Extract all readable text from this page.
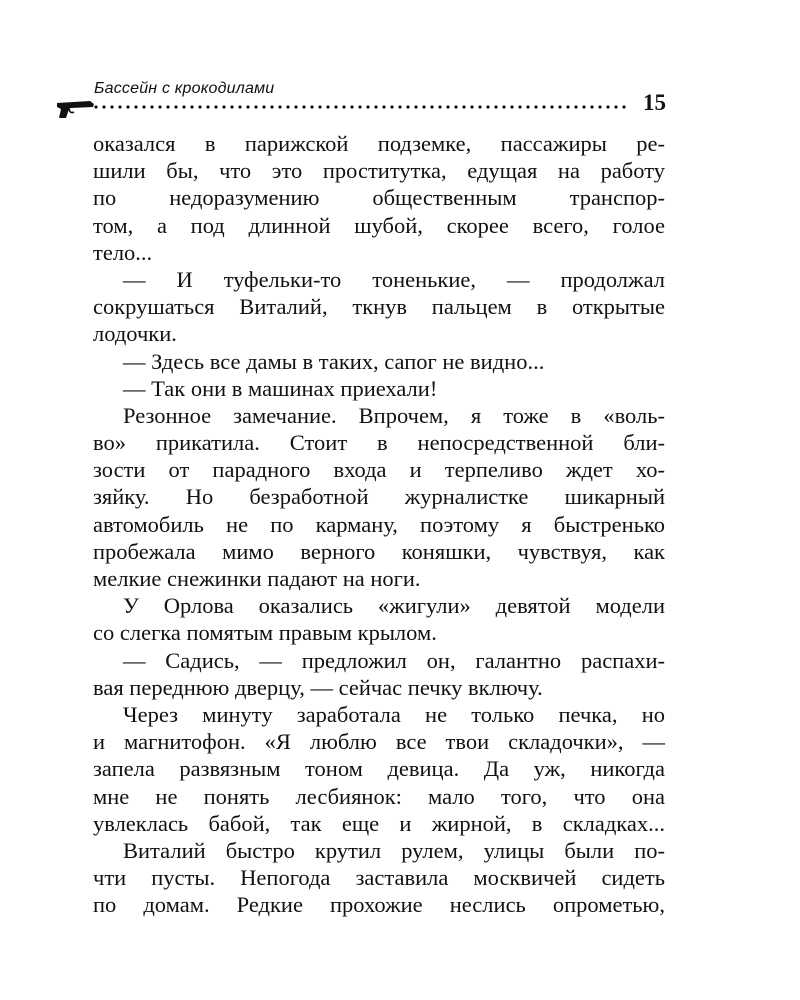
Бассейн с крокодилами
15
оказался в парижской подземке, пассажиры ре-
шили бы, что это проститутка, едущая на работу
по недоразумению общественным транспор-
том, а под длинной шубой, скорее всего, голое
тело...
— И туфельки-то тоненькие, — продолжал
сокрушаться Виталий, ткнув пальцем в открытые
лодочки.
— Здесь все дамы в таких, сапог не видно...
— Так они в машинах приехали!
Резонное замечание. Впрочем, я тоже в «воль-
во» прикатила. Стоит в непосредственной бли-
зости от парадного входа и терпеливо ждет хо-
зяйку. Но безработной журналистке шикарный
автомобиль не по карману, поэтому я быстренько
пробежала мимо верного коняшки, чувствуя, как
мелкие снежинки падают на ноги.
У Орлова оказались «жигули» девятой модели
со слегка помятым правым крылом.
— Садись, — предложил он, галантно распахи-
вая переднюю дверцу, — сейчас печку включу.
Через минуту заработала не только печка, но
и магнитофон. «Я люблю все твои складочки», —
запела развязным тоном девица. Да уж, никогда
мне не понять лесбиянок: мало того, что она
увлеклась бабой, так еще и жирной, в складках...
Виталий быстро крутил рулем, улицы были по-
чти пусты. Непогода заставила москвичей сидеть
по домам. Редкие прохожие неслись опрометью,
